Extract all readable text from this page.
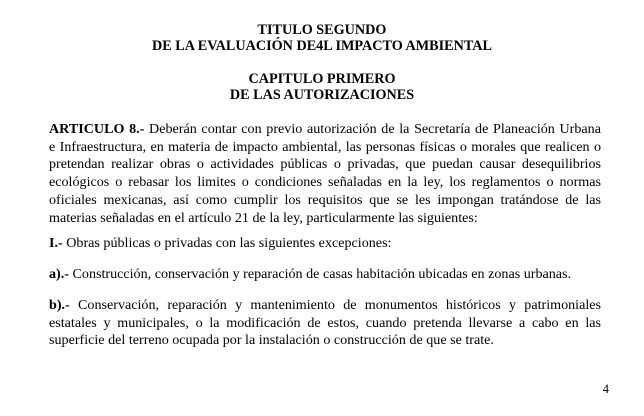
TITULO SEGUNDO
DE LA EVALUACIÓN DE4L IMPACTO AMBIENTAL
CAPITULO PRIMERO
DE LAS AUTORIZACIONES
ARTICULO 8.- Deberán contar con previo autorización de la Secretaría de Planeación Urbana
e Infraestructura, en materia de impacto ambiental, las personas físicas o morales que realicen o
pretendan realizar obras o actividades públicas o privadas, que puedan causar desequilibrios
ecológicos o rebasar los limites o condiciones señaladas en la ley, los reglamentos o normas
oficiales mexicanas, así como cumplir los requisitos que se les impongan tratándose de las
materias señaladas en el artículo 21 de la ley, particularmente las siguientes:
I.- Obras públicas o privadas con las siguientes excepciones:
a).- Construcción, conservación y reparación de casas habitación ubicadas en zonas urbanas.
b).- Conservación, reparación y mantenimiento de monumentos históricos y patrimoniales
estatales y municipales, o la modificación de estos, cuando pretenda llevarse a cabo en las
superficie del terreno ocupada por la instalación o construcción de que se trate.
4
